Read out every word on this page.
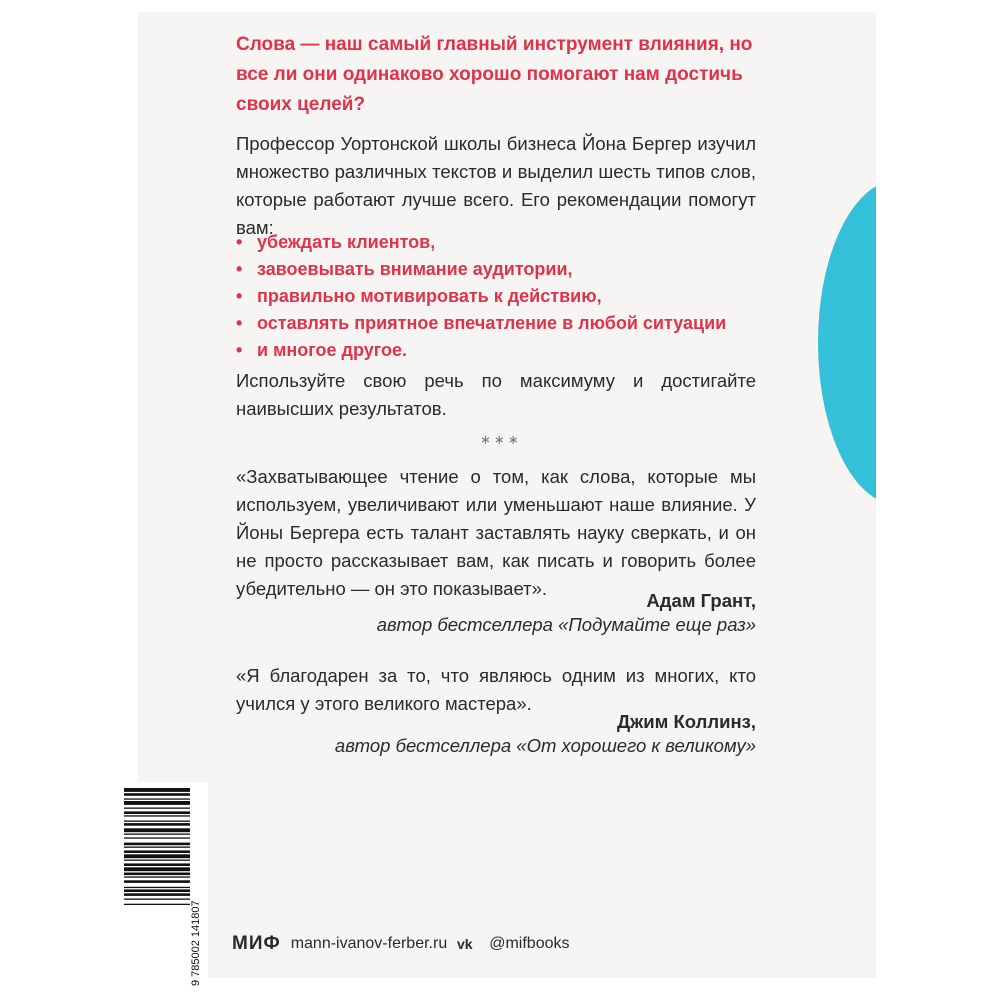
Слова — наш самый главный инструмент влияния, но все ли они одинаково хорошо помогают нам достичь своих целей?
Профессор Уортонской школы бизнеса Йона Бергер изучил множество различных текстов и выделил шесть типов слов, которые работают лучше всего. Его рекомендации помогут вам:
• убеждать клиентов,
• завоевывать внимание аудитории,
• правильно мотивировать к действию,
• оставлять приятное впечатление в любой ситуации
• и многое другое.
Используйте свою речь по максимуму и достигайте наивысших результатов.
∗∗∗
«Захватывающее чтение о том, как слова, которые мы используем, увеличивают или уменьшают наше влияние. У Йоны Бергера есть талант заставлять науку сверкать, и он не просто рассказывает вам, как писать и говорить более убедительно — он это показывает».
Адам Грант,
автор бестселлера «Подумайте еще раз»
«Я благодарен за то, что являюсь одним из многих, кто учился у этого великого мастера».
Джим Коллинз,
автор бестселлера «От хорошего к великому»
9 785002 141807 МИФ mann-ivanov-ferber.ru vk @mifbooks
